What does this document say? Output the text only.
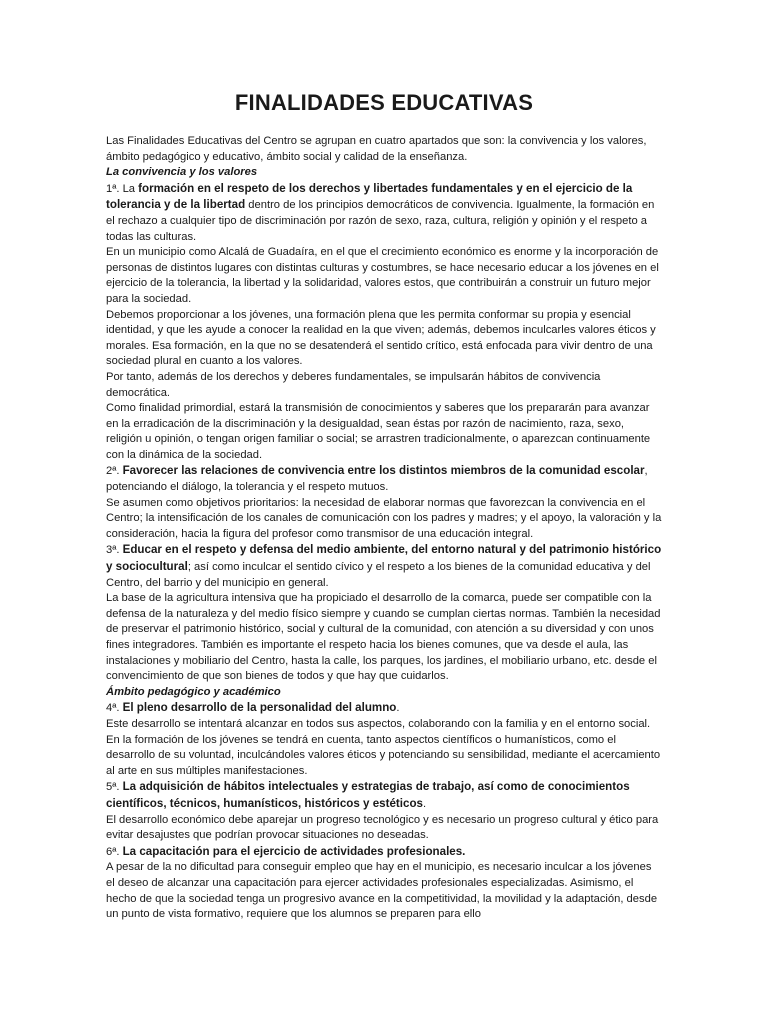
FINALIDADES EDUCATIVAS

Las Finalidades Educativas del Centro se agrupan en cuatro apartados que son: la convivencia y los valores, ámbito pedagógico y educativo, ámbito social y calidad de la enseñanza.

La convivencia y los valores

1ª. La formación en el respeto de los derechos y libertades fundamentales y en el ejercicio de la tolerancia y de la libertad dentro de los principios democráticos de convivencia. Igualmente, la formación en el rechazo a cualquier tipo de discriminación por razón de sexo, raza, cultura, religión y opinión y el respeto a todas las culturas.

En un municipio como Alcalá de Guadaíra, en el que el crecimiento económico es enorme y la incorporación de personas de distintos lugares con distintas culturas y costumbres, se hace necesario educar a los jóvenes en el ejercicio de la tolerancia, la libertad y la solidaridad, valores estos, que contribuirán a construir un futuro mejor para la sociedad.

Debemos proporcionar a los jóvenes, una formación plena que les permita conformar su propia y esencial identidad, y que les ayude a conocer la realidad en la que viven; además, debemos inculcarles valores éticos y morales. Esa formación, en la que no se desatenderá el sentido crítico, está enfocada para vivir dentro de una sociedad plural en cuanto a los valores.

Por tanto, además de los derechos y deberes fundamentales, se impulsarán hábitos de convivencia democrática.

Como finalidad primordial, estará la transmisión de conocimientos y saberes que los prepararán para avanzar en la erradicación de la discriminación y la desigualdad, sean éstas por razón de nacimiento, raza, sexo, religión u opinión, o tengan origen familiar o social; se arrastren tradicionalmente, o aparezcan continuamente con la dinámica de la sociedad.

2ª. Favorecer las relaciones de convivencia entre los distintos miembros de la comunidad escolar, potenciando el diálogo, la tolerancia y el respeto mutuos.

Se asumen como objetivos prioritarios: la necesidad de elaborar normas que favorezcan la convivencia en el Centro; la intensificación de los canales de comunicación con los padres y madres; y el apoyo, la valoración y la consideración, hacia la figura del profesor como transmisor de una educación integral.

3ª. Educar en el respeto y defensa del medio ambiente, del entorno natural y del patrimonio histórico y sociocultural; así como inculcar el sentido cívico y el respeto a los bienes de la comunidad educativa y del Centro, del barrio y del municipio en general.

La base de la agricultura intensiva que ha propiciado el desarrollo de la comarca, puede ser compatible con la defensa de la naturaleza y del medio físico siempre y cuando se cumplan ciertas normas. También la necesidad de preservar el patrimonio histórico, social y cultural de la comunidad, con atención a su diversidad y con unos fines integradores. También es importante el respeto hacia los bienes comunes, que va desde el aula, las instalaciones y mobiliario del Centro, hasta la calle, los parques, los jardines, el mobiliario urbano, etc. desde el convencimiento de que son bienes de todos y que hay que cuidarlos.

Ámbito pedagógico y académico

4ª. El pleno desarrollo de la personalidad del alumno.

Este desarrollo se intentará alcanzar en todos sus aspectos, colaborando con la familia y en el entorno social. En la formación de los jóvenes se tendrá en cuenta, tanto aspectos científicos o humanísticos, como el desarrollo de su voluntad, inculcándoles valores éticos y potenciando su sensibilidad, mediante el acercamiento al arte en sus múltiples manifestaciones.

5ª. La adquisición de hábitos intelectuales y estrategias de trabajo, así como de conocimientos científicos, técnicos, humanísticos, históricos y estéticos.

El desarrollo económico debe aparejar un progreso tecnológico y es necesario un progreso cultural y ético para evitar desajustes que podrían provocar situaciones no deseadas.

6ª. La capacitación para el ejercicio de actividades profesionales.

A pesar de la no dificultad para conseguir empleo que hay en el municipio, es necesario inculcar a los jóvenes el deseo de alcanzar una capacitación para ejercer actividades profesionales especializadas. Asimismo, el hecho de que la sociedad tenga un progresivo avance en la competitividad, la movilidad y la adaptación, desde un punto de vista formativo, requiere que los alumnos se preparen para ello
